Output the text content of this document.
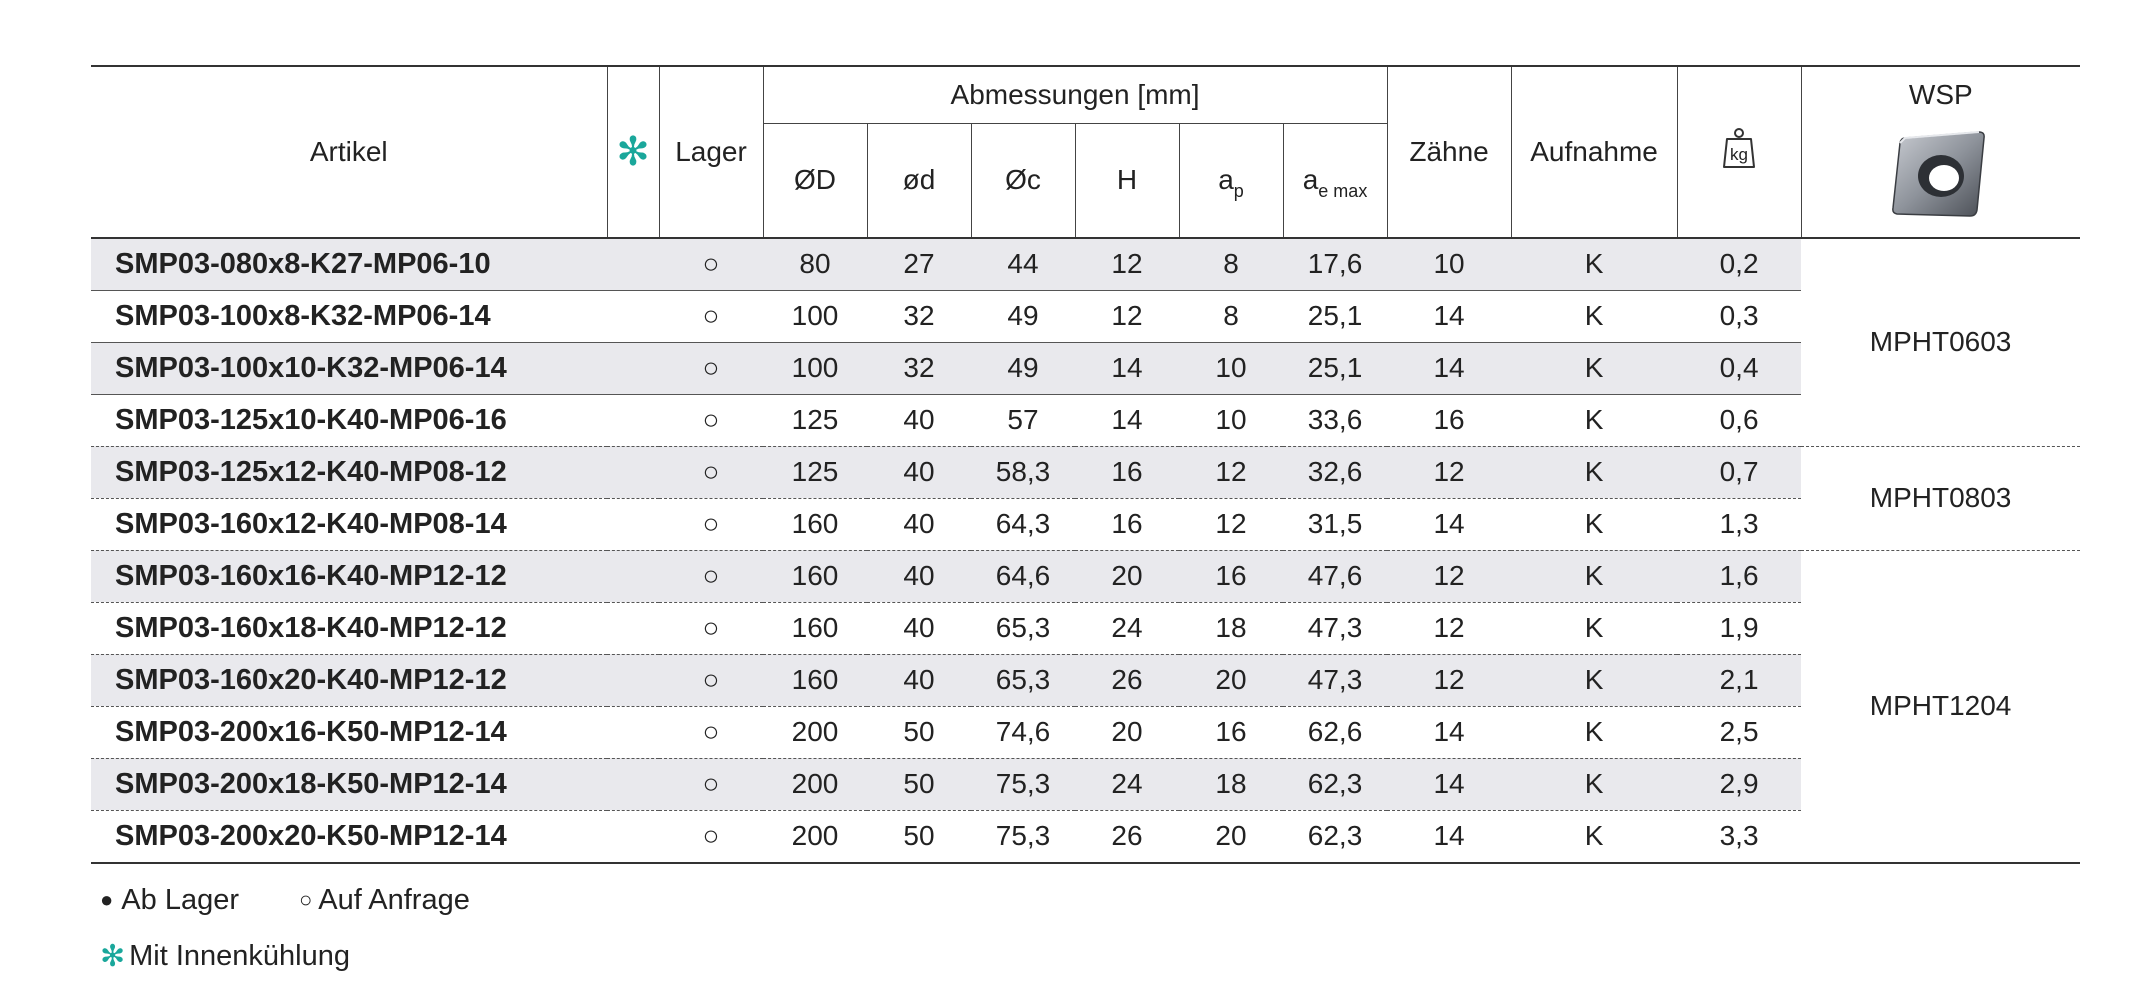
Artikel	✻	Lager	Abmessungen [mm]						Zähne	Aufnahme	kg	WSP
			ØD	ød	Øc	H	$a_p$	$a_{e max}$	
SMP03-080x8-K27-MP06-10		○	80	27	44	12	8	17,6	10	K	0,2	MPHT0603
SMP03-100x8-K32-MP06-14		○	100	32	49	12	8	25,1	14	K	0,3	
SMP03-100x10-K32-MP06-14		○	100	32	49	14	10	25,1	14	K	0,4	
SMP03-125x10-K40-MP06-16		○	125	40	57	14	10	33,6	16	K	0,6	
SMP03-125x12-K40-MP08-12		○	125	40	58,3	16	12	32,6	12	K	0,7	MPHT0803
SMP03-160x12-K40-MP08-14		○	160	40	64,3	16	12	31,5	14	K	1,3	
SMP03-160x16-K40-MP12-12		○	160	40	64,6	20	16	47,6	12	K	1,6	MPHT1204
SMP03-160x18-K40-MP12-12		○	160	40	65,3	24	18	47,3	12	K	1,9	
SMP03-160x20-K40-MP12-12		○	160	40	65,3	26	20	47,3	12	K	2,1	
SMP03-200x16-K50-MP12-14		○	200	50	74,6	20	16	62,6	14	K	2,5	
SMP03-200x18-K50-MP12-14		○	200	50	75,3	24	18	62,3	14	K	2,9	
SMP03-200x20-K50-MP12-14		○	200	50	75,3	26	20	62,3	14	K	3,3	
● Ab Lager	○ Auf Anfrage
✻ Mit Innenkühlung
